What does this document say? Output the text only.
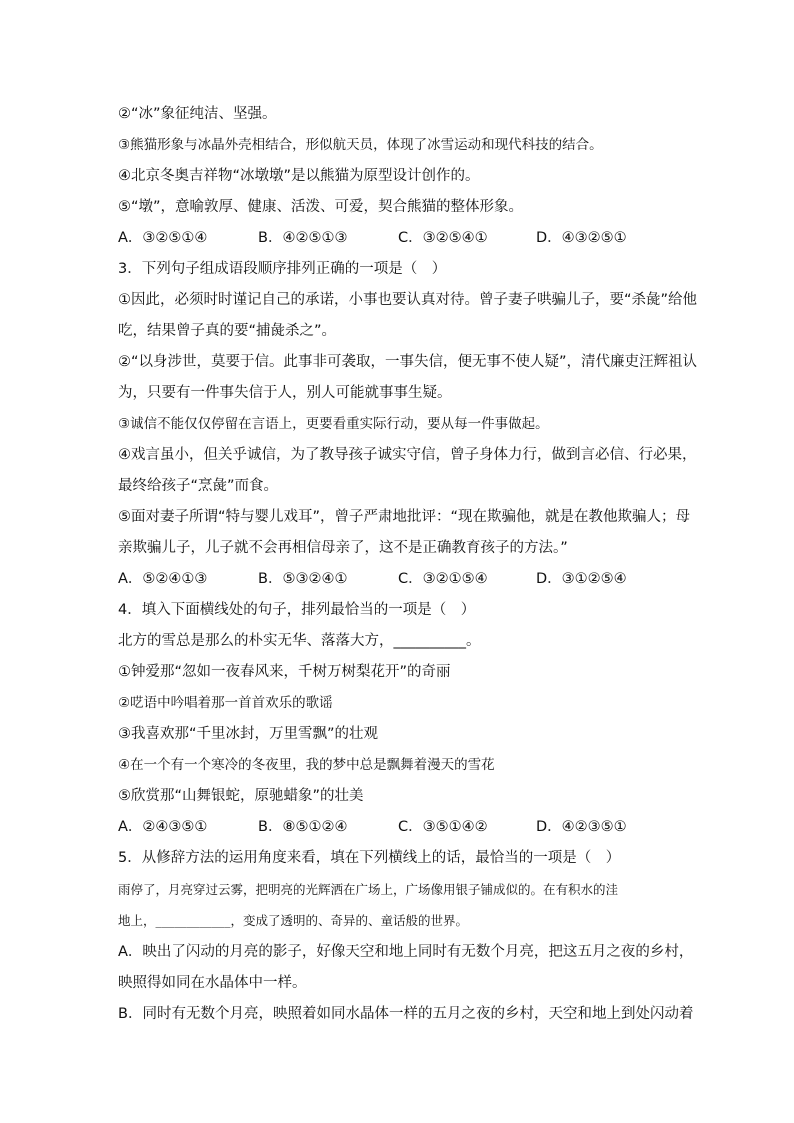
②“冰”象征纯洁、坚强。
③熊猫形象与冰晶外壳相结合，形似航天员，体现了冰雪运动和现代科技的结合。
④北京冬奥吉祥物“冰墩墩”是以熊猫为原型设计创作的。
⑤“墩”，意喻敦厚、健康、活泼、可爱，契合熊猫的整体形象。
A．③②⑤①④	B．④②⑤①③	C．③②⑤④①	D．④③②⑤①
3．下列句子组成语段顺序排列正确的一项是（　）
①因此，必须时时谨记自己的承诺，小事也要认真对待。曾子妻子哄骗儿子，要“杀彘”给他
吃，结果曾子真的要“捕彘杀之”。
②“以身涉世，莫要于信。此事非可袭取，一事失信，便无事不使人疑”，清代廉吏汪辉祖认
为，只要有一件事失信于人，别人可能就事事生疑。
③诚信不能仅仅停留在言语上，更要看重实际行动，要从每一件事做起。
④戏言虽小，但关乎诚信，为了教导孩子诚实守信，曾子身体力行，做到言必信、行必果，
最终给孩子“烹彘”而食。
⑤面对妻子所谓“特与婴儿戏耳”，曾子严肃地批评：“现在欺骗他，就是在教他欺骗人；母
亲欺骗儿子，儿子就不会再相信母亲了，这不是正确教育孩子的方法。”
A．⑤②④①③	B．⑤③②④①	C．③②①⑤④	D．③①②⑤④
4．填入下面横线处的句子，排列最恰当的一项是（　）
北方的雪总是那么的朴实无华、落落大方，__________。
①钟爱那“忽如一夜春风来，千树万树梨花开”的奇丽
②呓语中吟唱着那一首首欢乐的歌谣
③我喜欢那“千里冰封，万里雪飘”的壮观
④在一个有一个寒冷的冬夜里，我的梦中总是飘舞着漫天的雪花
⑤欣赏那“山舞银蛇，原驰蜡象”的壮美
A．②④③⑤①	B．⑧⑤①②④	C．③⑤①④②	D．④②③⑤①
5．从修辞方法的运用角度来看，填在下列横线上的话，最恰当的一项是（　）
雨停了，月亮穿过云雾，把明亮的光辉洒在广场上，广场像用银子铺成似的。在有积水的洼
地上，____________，变成了透明的、奇异的、童话般的世界。
A．映出了闪动的月亮的影子，好像天空和地上同时有无数个月亮，把这五月之夜的乡村，
映照得如同在水晶体中一样。
B．同时有无数个月亮，映照着如同水晶体一样的五月之夜的乡村，天空和地上到处闪动着
